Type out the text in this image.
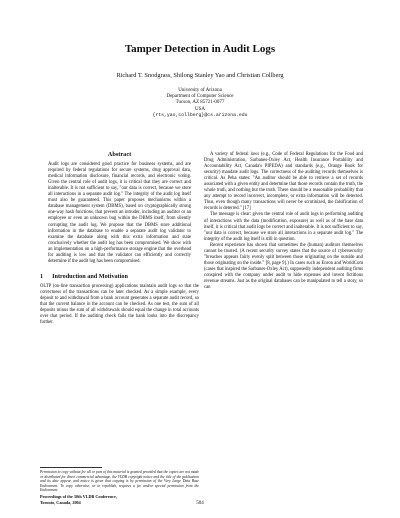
Tamper Detection in Audit Logs
Richard T. Snodgrass, Shilong Stanley Yao and Christian Collberg
University of Arizona
Department of Computer Science
Tucson, AZ 85721-0077
USA
{rts,yao,collberg}@cs.arizona.edu
Abstract

Audit logs are considered good practice for business systems, and are required by federal regulations for secure systems, drug approval data, medical information disclosure, financial records, and electronic voting. Given the central role of audit logs, it is critical that they are correct and inalterable. It is not sufficient to say, "our data is correct, because we store all interactions in a separate audit log." The integrity of the audit log itself must also be guaranteed. This paper proposes mechanisms within a database management system (DBMS), based on cryptographically strong one-way hash functions, that prevent an intruder, including an auditor or an employee or even an unknown bug within the DBMS itself, from silently corrupting the audit log. We propose that the DBMS store additional information in the database to enable a separate audit log validator to examine the database along with this extra information and state conclusively whether the audit log has been compromised. We show with an implementation on a high-performance storage engine that the overhead for auditing is low and that the validator can efficiently and correctly determine if the audit log has been compromised.

1 Introduction and Motivation

OLTP (on-line transaction processing) applications maintain audit logs so that the correctness of the transactions can be later checked. As a simple example, every deposit to and withdrawal from a bank account generates a separate audit record, so that the current balance in the account can be checked. As one test, the sum of all deposits minus the sum of all withdrawals should equal the change in total accounts over that period. If the auditing check fails the bank looks into the discrepancy further.

A variety of federal laws (e.g., Code of Federal Regulations for the Food and Drug Administration, Sarbanes-Oxley Act, Health Insurance Portability and Accountability Act, Canada's PIPEDA) and standards (e.g., Orange Book for security) mandate audit logs. The correctness of the auditing records themselves is critical. As Peha states: "An auditor should be able to retrieve a set of records associated with a given entity and determine that those records contain the truth, the whole truth, and nothing but the truth. There should be a reasonable probability that any attempt to record incorrect, incomplete, or extra information will be detected. Thus, even though many transactions will never be scrutinized, the falsification of records is deterred." [17]

The message is clear: given the central role of audit logs in performing auditing of interactions with the data (modification, exposure) as well as of the base data itself, it is critical that audit logs be correct and inalterable. It is not sufficient to say, "our data is correct, because we store all interactions in a separate audit log." The integrity of the audit log itself is still in question.

Recent experience has shown that sometimes the (human) auditors themselves cannot be trusted. (A recent security survey states that the source of cybersecurity "breaches appears fairly evenly split between those originating on the outside and those originating on the inside." [8, page 9].) In cases such as Enron and WorldCom (cases that inspired the Sarbanes-Oxley Act), supposedly independent auditing firms conspired with the company under audit to hide expenses and invent fictitious revenue streams. Just as the original databases can be manipulated to tell a story, so can

Permission to copy without fee all or part of this material is granted provided that the copies are not made or distributed for direct commercial advantage, the VLDB copyright notice and the title of the publication and its date appear, and notice is given that copying is by permission of the Very Large Data Base Endowment. To copy otherwise, or to republish, requires a fee and/or special permission from the Endowment.
Proceedings of the 30th VLDB Conference,
Toronto, Canada, 2004	504
